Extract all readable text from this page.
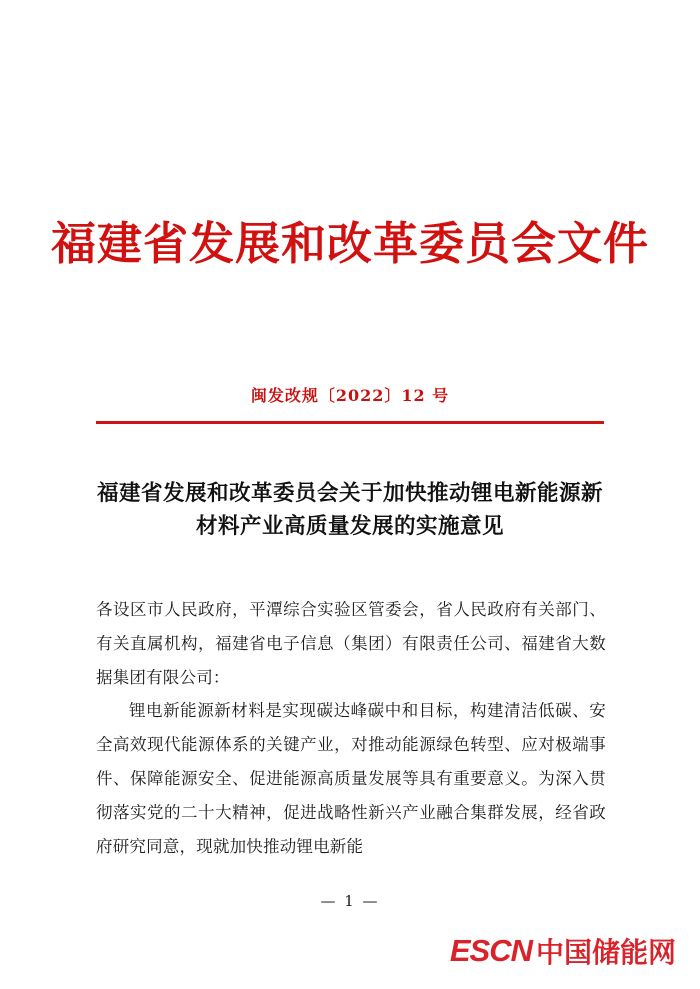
福建省发展和改革委员会文件
闽发改规〔2022〕12 号
福建省发展和改革委员会关于加快推动锂电新能源新材料产业高质量发展的实施意见

各设区市人民政府，平潭综合实验区管委会，省人民政府有关部门、有关直属机构，福建省电子信息（集团）有限责任公司、福建省大数据集团有限公司：

锂电新能源新材料是实现碳达峰碳中和目标，构建清洁低碳、安全高效现代能源体系的关键产业，对推动能源绿色转型、应对极端事件、保障能源安全、促进能源高质量发展等具有重要意义。为深入贯彻落实党的二十大精神，促进战略性新兴产业融合集群发展，经省政府研究同意，现就加快推动锂电新能

— 1 —
ESCN 中国储能网
